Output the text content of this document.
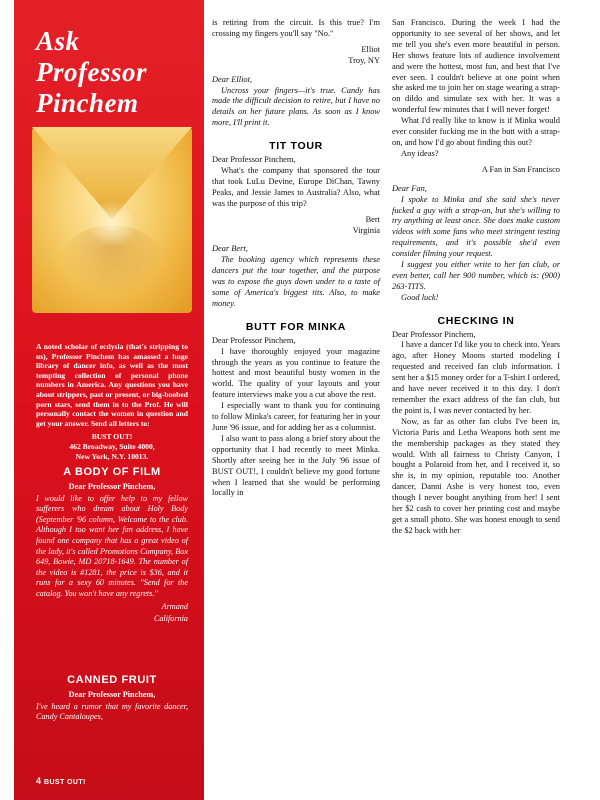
Ask
Professor
Pinchem
A noted scholar of ecdysia (that's stripping to us), Professor Pinchem has amassed a huge library of dancer info, as well as the most tempting collection of personal phone numbers in America. Any questions you have about strippers, past or present, or big-boobed porn stars, send them in to the Prof. He will personally contact the women in question and get your answer. Send all letters to:
BUST OUT!
462 Broadway, Suite 4000,
New York, N.Y. 10013.
A BODY OF FILM
Dear Professor Pinchem,

I would like to offer help to my fellow sufferers who dream about Holy Body (September '96 column, Welcome to the club. Although I too want her fan address, I have found one company that has a great video of the lady, it's called Promotions Company, Box 649, Bowie, MD 20718-1649. The number of the video is #1281, the price is $36, and it runs for a sexy 60 minutes. "Send for the catalog. You won't have any regrets."

Armand
California
CANNED FRUIT
Dear Professor Pinchem,

I've heard a rumor that my favorite dancer, Candy Cantaloupes,

4 BUST OUT!

is retiring from the circuit. Is this true? I'm crossing my fingers you'll say "No."

Elliot

Troy, NY

Dear Elliot,

Uncross your fingers—it's true. Candy has made the difficult decision to retire, but I have no details on her future plans. As soon as I know more, I'll print it.

TIT TOUR

Dear Professor Pinchem,

What's the company that sponsored the tour that took LuLu Devine, Europe DiChan, Tawny Peaks, and Jessie James to Australia? Also, what was the purpose of this trip?

Bert

Virginia

Dear Bert,

The booking agency which represents these dancers put the tour together, and the purpose was to expose the guys down under to a taste of some of America's biggest tits. Also, to make money.

BUTT FOR MINKA

Dear Professor Pinchem,

I have thoroughly enjoyed your magazine through the years as you continue to feature the hottest and most beautiful busty women in the world. The quality of your layouts and your feature interviews make you a cut above the rest.

I especially want to thank you for continuing to follow Minka's career, for featuring her in your June '96 issue, and for adding her as a columnist.

I also want to pass along a brief story about the opportunity that I had recently to meet Minka. Shortly after seeing her in the July '96 issue of BUST OUT!, I couldn't believe my good fortune when I learned that she would be performing locally in

San Francisco. During the week I had the opportunity to see several of her shows, and let me tell you she's even more beautiful in person. Her shows feature lots of audience involvement and were the hottest, most fun, and best that I've ever seen. I couldn't believe at one point when she asked me to join her on stage wearing a strap-on dildo and simulate sex with her. It was a wonderful few minutes that I will never forget!

What I'd really like to know is if Minka would ever consider fucking me in the butt with a strap-on, and how I'd go about finding this out?

Any ideas?

A Fan in San Francisco

Dear Fan,

I spoke to Minka and she said she's never fucked a guy with a strap-on, but she's willing to try anything at least once. She does make custom videos with some fans who meet stringent testing requirements, and it's possible she'd even consider filming your request.

I suggest you either write to her fan club, or even better, call her 900 number, which is: (900) 263-TITS.

Good luck!

CHECKING IN

Dear Professor Pinchem,

I have a dancer I'd like you to check into. Years ago, after Honey Moons started modeling I requested and received fan club information. I sent her a $15 money order for a T-shirt I ordered, and have never received it to this day. I don't remember the exact address of the fan club, but the point is, I was never contacted by her.

Now, as far as other fan clubs I've been in, Victoria Paris and Letha Weapons both sent me the membership packages as they stated they would. With all fairness to Christy Canyon, I bought a Polaroid from her, and I received it, so she is, in my opinion, reputable too. Another dancer, Danni Ashe is very honest too, even though I never bought anything from her! I sent her $2 cash to cover her printing cost and maybe get a small photo. She was honest enough to send the $2 back with her
